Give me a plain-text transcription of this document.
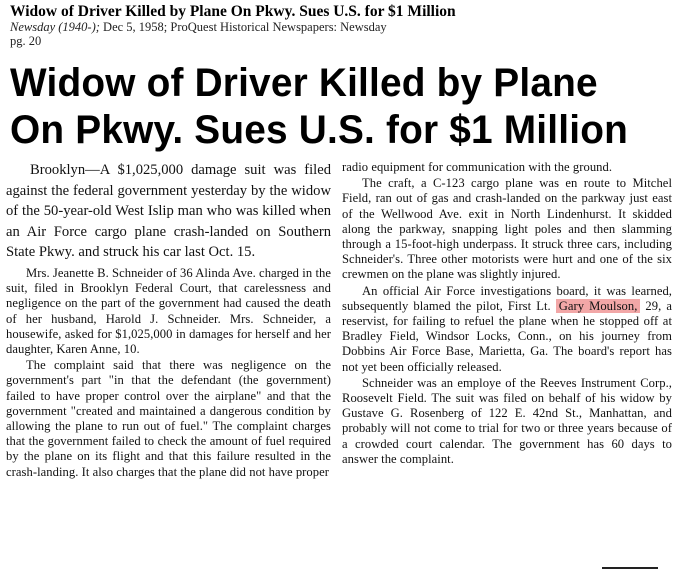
Widow of Driver Killed by Plane On Pkwy. Sues U.S. for $1 Million
Newsday (1940-); Dec 5, 1958; ProQuest Historical Newspapers: Newsday
pg. 20
Widow of Driver Killed by Plane
On Pkwy. Sues U.S. for $1 Million

Brooklyn—A $1,025,000 damage suit was filed against the federal government yesterday by the widow of the 50-year-old West Islip man who was killed when an Air Force cargo plane crash-landed on Southern State Pkwy. and struck his car last Oct. 15.

Mrs. Jeanette B. Schneider of 36 Alinda Ave. charged in the suit, filed in Brooklyn Federal Court, that carelessness and negligence on the part of the government had caused the death of her husband, Harold J. Schneider. Mrs. Schneider, a housewife, asked for $1,025,000 in damages for herself and her daughter, Karen Anne, 10.

The complaint said that there was negligence on the government's part "in that the defendant (the government) failed to have proper control over the airplane" and that the government "created and maintained a dangerous condition by allowing the plane to run out of fuel." The complaint charges that the government failed to check the amount of fuel required by the plane on its flight and that this failure resulted in the crash-landing. It also charges that the plane did not have proper

radio equipment for communication with the ground.

The craft, a C-123 cargo plane was en route to Mitchel Field, ran out of gas and crash-landed on the parkway just east of the Wellwood Ave. exit in North Lindenhurst. It skidded along the parkway, snapping light poles and then slamming through a 15-foot-high underpass. It struck three cars, including Schneider's. Three other motorists were hurt and one of the six crewmen on the plane was slightly injured.

An official Air Force investigations board, it was learned, subsequently blamed the pilot, First Lt. Gary Moulson, 29, a reservist, for failing to refuel the plane when he stopped off at Bradley Field, Windsor Locks, Conn., on his journey from Dobbins Air Force Base, Marietta, Ga. The board's report has not yet been officially released.

Schneider was an employe of the Reeves Instrument Corp., Roosevelt Field. The suit was filed on behalf of his widow by Gustave G. Rosenberg of 122 E. 42nd St., Manhattan, and probably will not come to trial for two or three years because of a crowded court calendar. The government has 60 days to answer the complaint.
